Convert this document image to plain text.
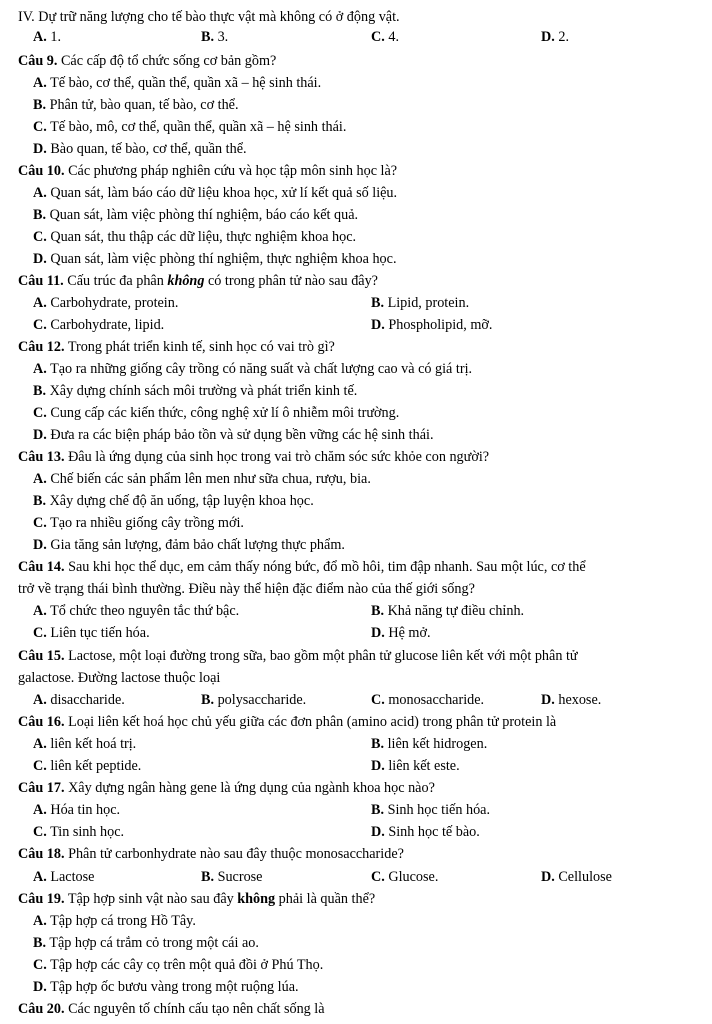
IV. Dự trữ năng lượng cho tế bào thực vật mà không có ở động vật.
A. 1.	B. 3.	C. 4.	D. 2.
Câu 9. Các cấp độ tổ chức sống cơ bản gồm?
A. Tế bào, cơ thể, quần thể, quần xã – hệ sinh thái.
B. Phân tử, bào quan, tế bào, cơ thể.
C. Tế bào, mô, cơ thể, quần thể, quần xã – hệ sinh thái.
D. Bào quan, tế bào, cơ thể, quần thể.
Câu 10. Các phương pháp nghiên cứu và học tập môn sinh học là?
A. Quan sát, làm báo cáo dữ liệu khoa học, xử lí kết quả số liệu.
B. Quan sát, làm việc phòng thí nghiệm, báo cáo kết quả.
C. Quan sát, thu thập các dữ liệu, thực nghiệm khoa học.
D. Quan sát, làm việc phòng thí nghiệm, thực nghiệm khoa học.
Câu 11. Cấu trúc đa phân không có trong phân tử nào sau đây?
A. Carbohydrate, protein.	B. Lipid, protein.
C. Carbohydrate, lipid.	D. Phospholipid, mỡ.
Câu 12. Trong phát triển kinh tế, sinh học có vai trò gì?
A. Tạo ra những giống cây trồng có năng suất và chất lượng cao và có giá trị.
B. Xây dựng chính sách môi trường và phát triển kinh tế.
C. Cung cấp các kiến thức, công nghệ xử lí ô nhiễm môi trường.
D. Đưa ra các biện pháp bảo tồn và sử dụng bền vững các hệ sinh thái.
Câu 13. Đâu là ứng dụng của sinh học trong vai trò chăm sóc sức khỏe con người?
A. Chế biến các sản phẩm lên men như sữa chua, rượu, bia.
B. Xây dựng chế độ ăn uống, tập luyện khoa học.
C. Tạo ra nhiều giống cây trồng mới.
D. Gia tăng sản lượng, đảm bảo chất lượng thực phẩm.
Câu 14. Sau khi học thể dục, em cảm thấy nóng bức, đổ mồ hôi, tim đập nhanh. Sau một lúc, cơ thể
trở về trạng thái bình thường. Điều này thể hiện đặc điểm nào của thế giới sống?
A. Tổ chức theo nguyên tắc thứ bậc.	B. Khả năng tự điều chỉnh.
C. Liên tục tiến hóa.	D. Hệ mở.
Câu 15. Lactose, một loại đường trong sữa, bao gồm một phân tử glucose liên kết với một phân tử
galactose. Đường lactose thuộc loại
A. disaccharide.	B. polysaccharide.	C. monosaccharide.	D. hexose.
Câu 16. Loại liên kết hoá học chủ yếu giữa các đơn phân (amino acid) trong phân tử protein là
A. liên kết hoá trị.	B. liên kết hidrogen.
C. liên kết peptide.	D. liên kết este.
Câu 17. Xây dựng ngân hàng gene là ứng dụng của ngành khoa học nào?
A. Hóa tin học.	B. Sinh học tiến hóa.
C. Tin sinh học.	D. Sinh học tế bào.
Câu 18. Phân tử carbonhydrate nào sau đây thuộc monosaccharide?
A. Lactose	B. Sucrose	C. Glucose.	D. Cellulose
Câu 19. Tập hợp sinh vật nào sau đây không phải là quần thể?
A. Tập hợp cá trong Hồ Tây.
B. Tập hợp cá trắm cỏ trong một cái ao.
C. Tập hợp các cây cọ trên một quả đồi ở Phú Thọ.
D. Tập hợp ốc bươu vàng trong một ruộng lúa.
Câu 20. Các nguyên tố chính cấu tạo nên chất sống là
